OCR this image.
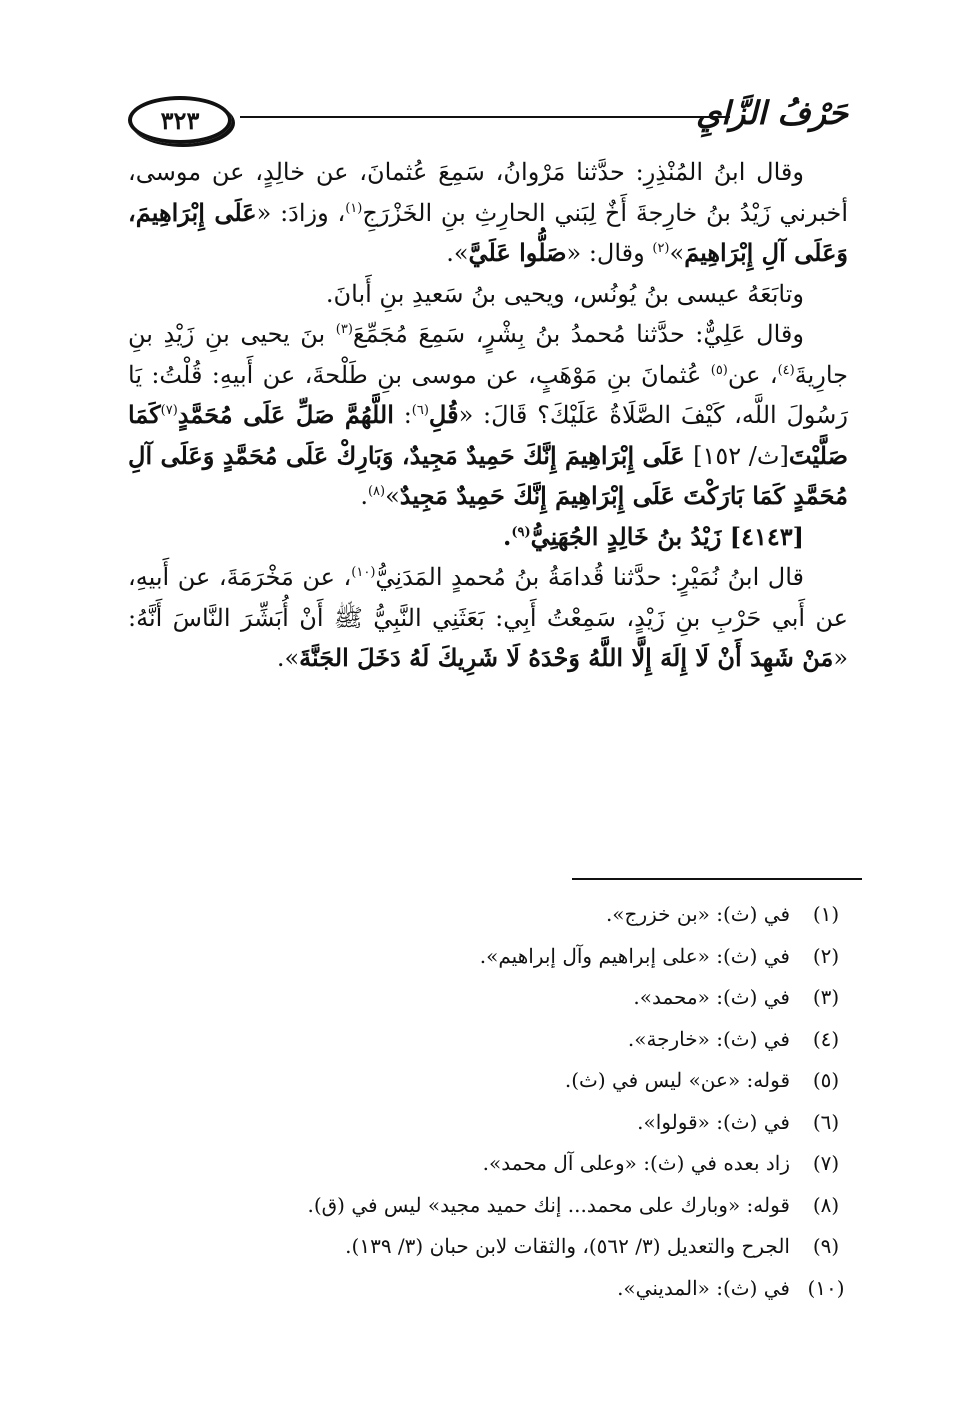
٣٢٣	حَرْفُ الزَّايِ

وقال ابنُ المُنْذِرِ: حدَّثنا مَرْوانُ، سَمِعَ عُثمانَ، عن خالِدٍ، عن موسى، أخبرني زَيْدُ بنُ خارِجةَ أَخٌ لِبَني الحارِثِ بنِ الخَزْرَجِ$^{(١)}$، وزادَ: «عَلَى إِبْرَاهِيمَ، وَعَلَى آلِ إِبْرَاهِيمَ»$^{(٢)}$ وقال: «صَلُّوا عَلَيَّ».

وتابَعَهُ عيسى بنُ يُونُس، ويحيى بنُ سَعيدِ بنِ أَبانَ.

وقال عَلِيٌّ: حدَّثنا مُحمدُ بنُ بِشْرٍ، سَمِعَ مُجَمِّعَ$^{(٣)}$ بنَ يحيى بنِ زَيْدِ بنِ جارِيةَ$^{(٤)}$، عن$^{(٥)}$ عُثمانَ بنِ مَوْهَبٍ، عن موسى بنِ طَلْحةَ، عن أَبيهِ: قُلْتُ: يَا رَسُولَ اللَّه، كَيْفَ الصَّلَاةُ عَلَيْكَ؟ قَالَ: «قُلِ$^{(٦)}$: اللَّهُمَّ صَلِّ عَلَى مُحَمَّدٍ$^{(٧)}$كَمَا صَلَّيْتَ[ث/ ١٥٢] عَلَى إِبْرَاهِيمَ إِنَّكَ حَمِيدٌ مَجِيدٌ، وَبَارِكْ عَلَى مُحَمَّدٍ وَعَلَى آلِ مُحَمَّدٍ كَمَا بَارَكْتَ عَلَى إِبْرَاهِيمَ إِنَّكَ حَمِيدٌ مَجِيدٌ»$^{(٨)}$.

[٤١٤٣] زَيْدُ بنُ خَالِدٍ الجُهَنِيُّ$^{(٩)}$.

قال ابنُ نُمَيْرٍ: حدَّثنا قُدامَةُ بنُ مُحمدٍ المَدَنِيُّ$^{(١٠)}$، عن مَخْرَمَةَ، عن أَبيهِ، عن أَبي حَرْبِ بنِ زَيْدٍ، سَمِعْتُ أَبِي: بَعَثَنِي النَّبِيُّ ﷺ أَنْ أُبَشِّرَ النَّاسَ أَنَّهُ: «مَنْ شَهِدَ أَنْ لَا إِلَهَ إِلَّا اللَّهُ وَحْدَهُ لَا شَرِيكَ لَهُ دَخَلَ الجَنَّةَ».

(١)
في (ث): «بن خزرج».
(٢)
في (ث): «على إبراهيم وآل إبراهيم».
(٣)
في (ث): «محمد».
(٤)
في (ث): «خارجة».
(٥)
قوله: «عن» ليس في (ث).
(٦)
في (ث): «قولوا».
(٧)
زاد بعده في (ث): «وعلى آل محمد».
(٨)
قوله: «وبارك على محمد... إنك حميد مجيد» ليس في (ق).
(٩)
الجرح والتعديل (٣/ ٥٦٢)، والثقات لابن حبان (٣/ ١٣٩).
(١٠)
في (ث): «المديني».
